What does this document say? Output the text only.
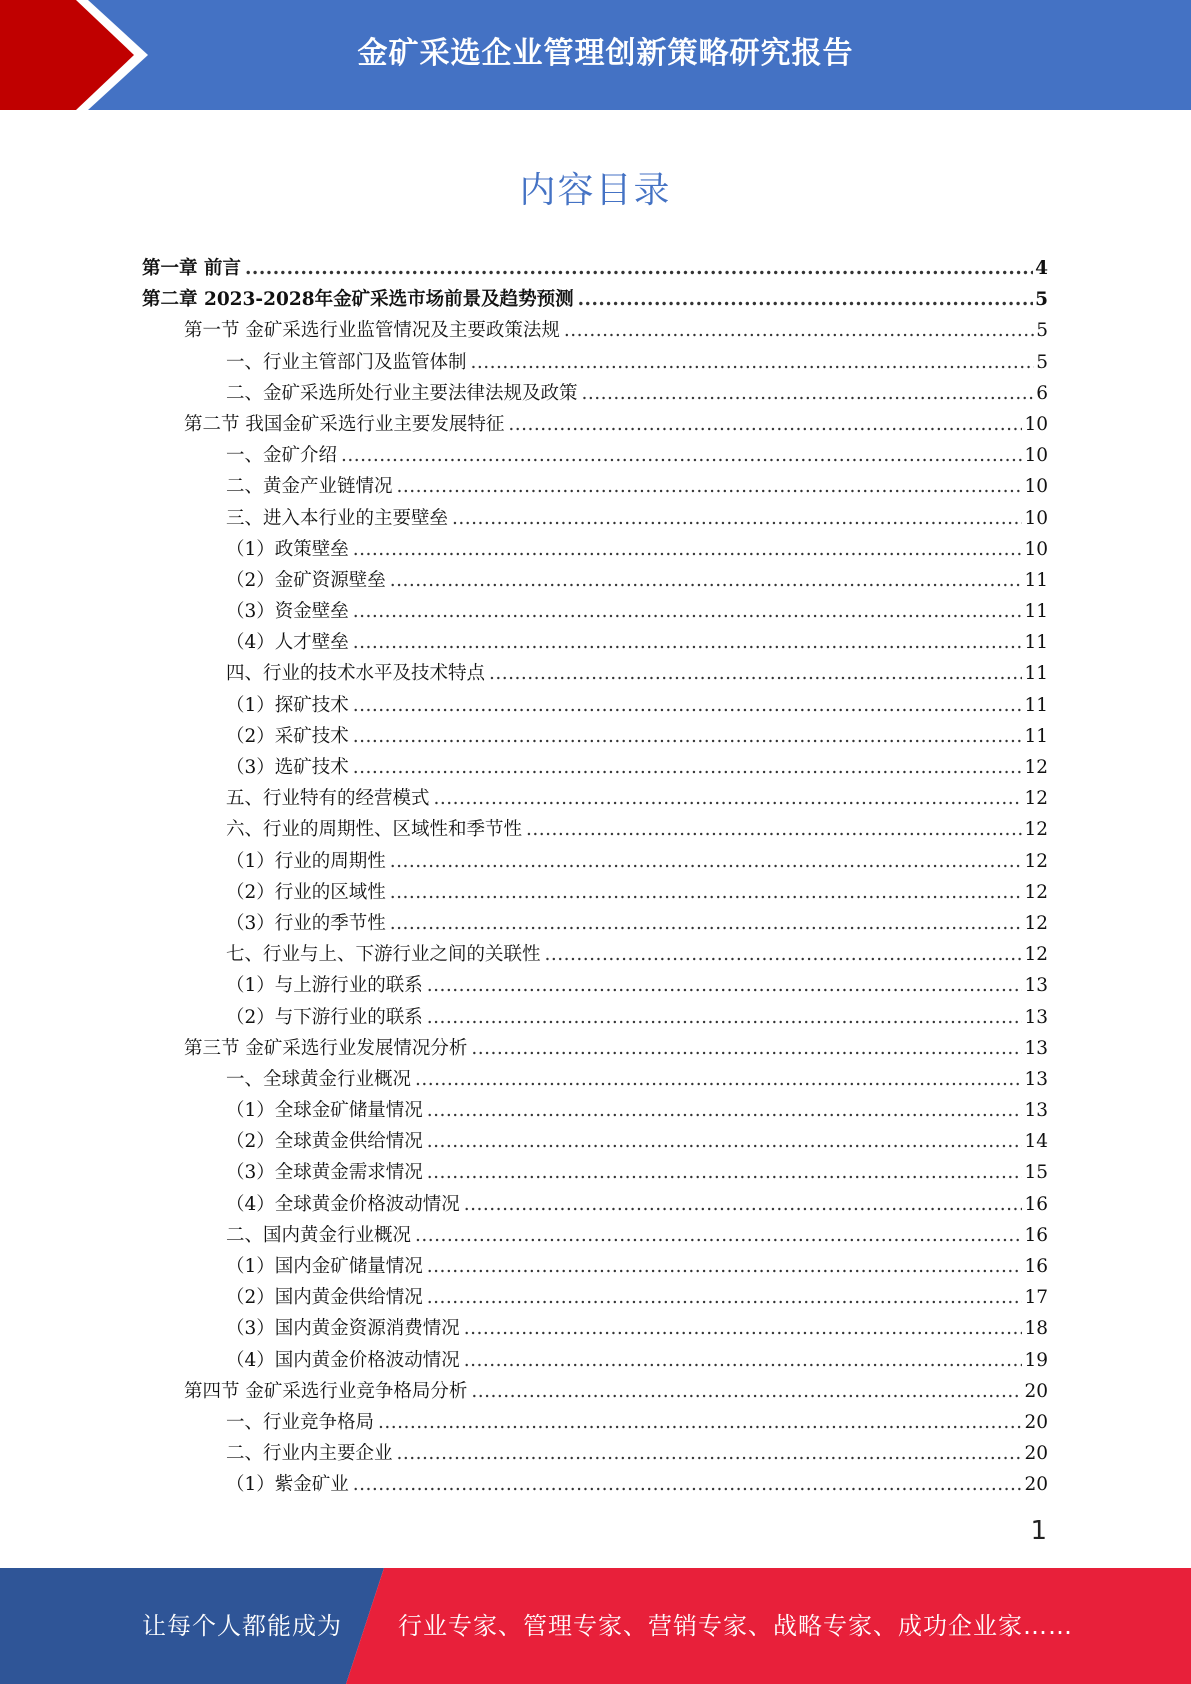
金矿采选企业管理创新策略研究报告
内容目录
第一章 前言 .....	4
第二章 2023-2028年金矿采选市场前景及趋势预测 .....	5
第一节 金矿采选行业监管情况及主要政策法规 .....	5
一、行业主管部门及监管体制 .....	5
二、金矿采选所处行业主要法律法规及政策 .....	6
第二节 我国金矿采选行业主要发展特征 .....	10
一、金矿介绍 .....	10
二、黄金产业链情况 .....	10
三、进入本行业的主要壁垒 .....	10
（1）政策壁垒 .....	10
（2）金矿资源壁垒 .....	11
（3）资金壁垒 .....	11
（4）人才壁垒 .....	11
四、行业的技术水平及技术特点 .....	11
（1）探矿技术 .....	11
（2）采矿技术 .....	11
（3）选矿技术 .....	12
五、行业特有的经营模式 .....	12
六、行业的周期性、区域性和季节性 .....	12
（1）行业的周期性 .....	12
（2）行业的区域性 .....	12
（3）行业的季节性 .....	12
七、行业与上、下游行业之间的关联性 .....	12
（1）与上游行业的联系 .....	13
（2）与下游行业的联系 .....	13
第三节 金矿采选行业发展情况分析 .....	13
一、全球黄金行业概况 .....	13
（1）全球金矿储量情况 .....	13
（2）全球黄金供给情况 .....	14
（3）全球黄金需求情况 .....	15
（4）全球黄金价格波动情况 .....	16
二、国内黄金行业概况 .....	16
（1）国内金矿储量情况 .....	16
（2）国内黄金供给情况 .....	17
（3）国内黄金资源消费情况 .....	18
（4）国内黄金价格波动情况 .....	19
第四节 金矿采选行业竞争格局分析 .....	20
一、行业竞争格局 .....	20
二、行业内主要企业 .....	20
（1）紫金矿业 .....	20
1
让每个人都能成为 行业专家、管理专家、营销专家、战略专家、成功企业家……
